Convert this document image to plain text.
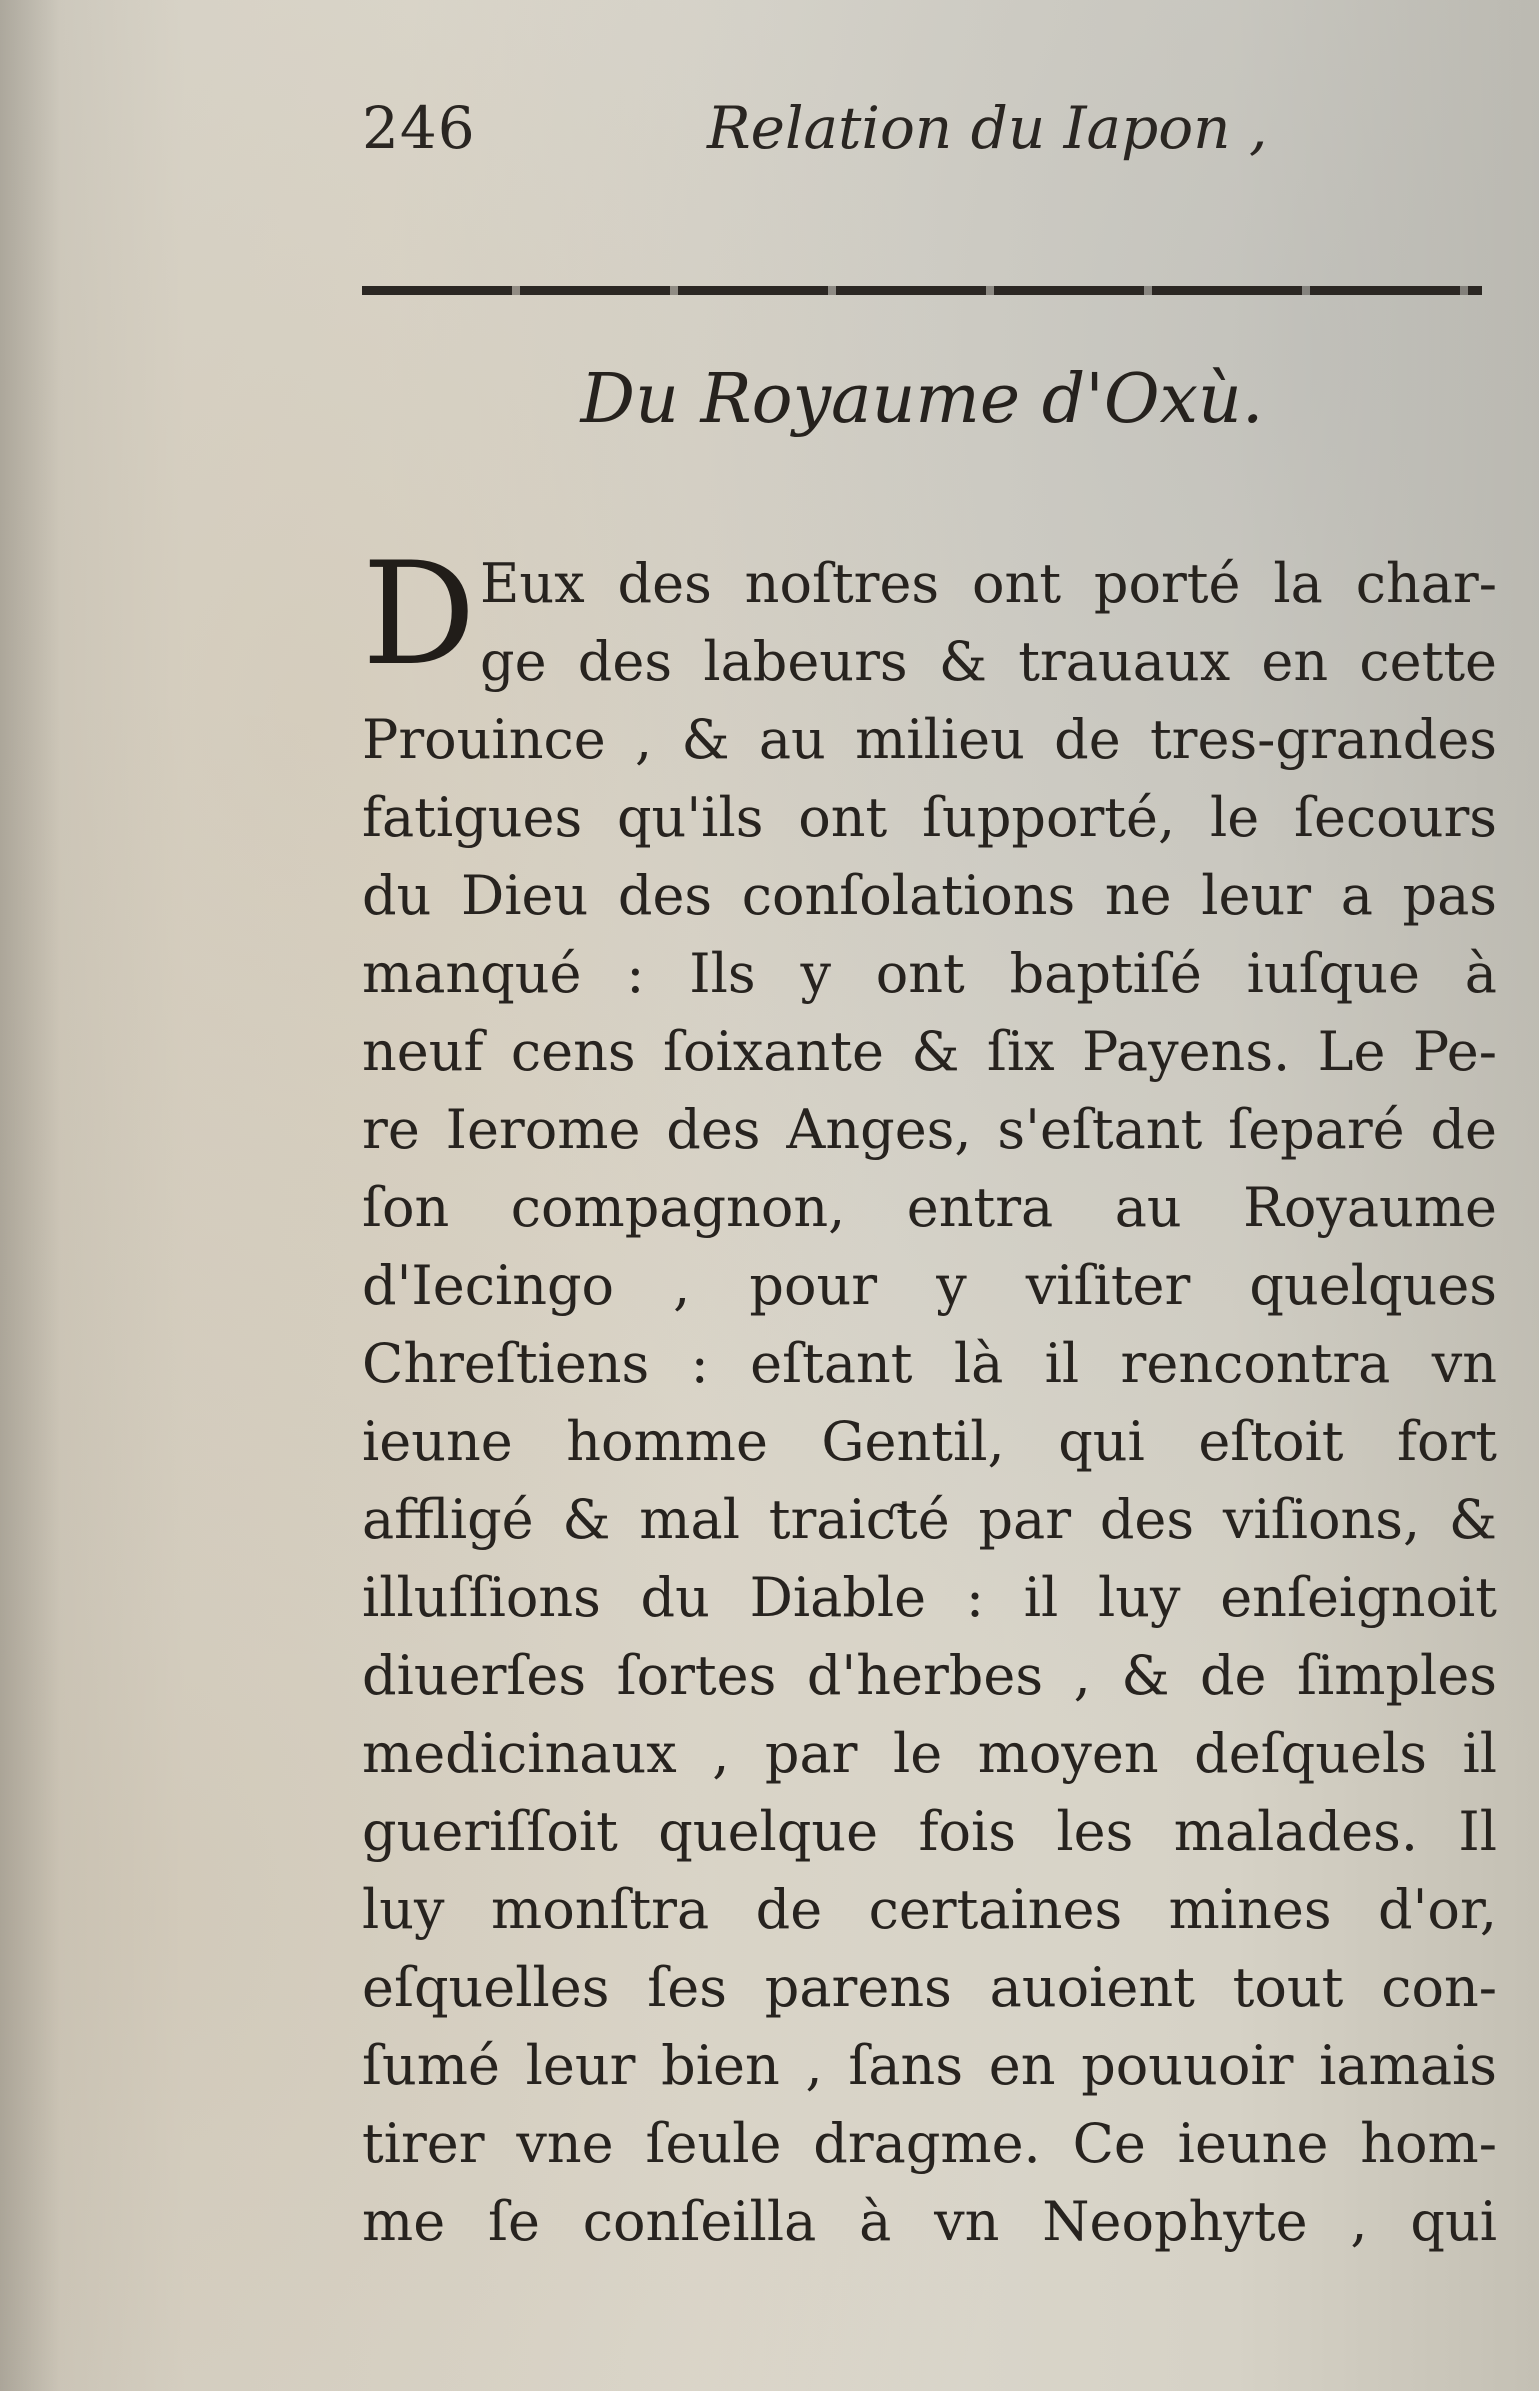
246	Relation du Iapon ,
Du Royaume d'Oxù.
D Eux des noſtres ont porté la char-
ge des labeurs & trauaux en cette
Prouince , & au milieu de tres-grandes
fatigues qu'ils ont ſupporté, le ſecours
du Dieu des conſolations ne leur a pas
manqué : Ils y ont baptiſé iuſque à
neuf cens ſoixante & ſix Payens. Le Pe-
re Ierome des Anges, s'eſtant ſeparé de
ſon compagnon, entra au Royaume
d'Iecingo , pour y viſiter quelques
Chreſtiens : eſtant là il rencontra vn
ieune homme Gentil, qui eſtoit fort
affligé & mal traiƈté par des viſions, &
illuſſions du Diable : il luy enſeignoit
diuerſes ſortes d'herbes , & de ſimples
medicinaux , par le moyen deſquels il
gueriſſoit quelque fois les malades. Il
luy monſtra de certaines mines d'or,
eſquelles ſes parens auoient tout con-
ſumé leur bien , ſans en pouuoir iamais
tirer vne ſeule dragme. Ce ieune hom-
me ſe conſeilla à vn Neophyte , qui
